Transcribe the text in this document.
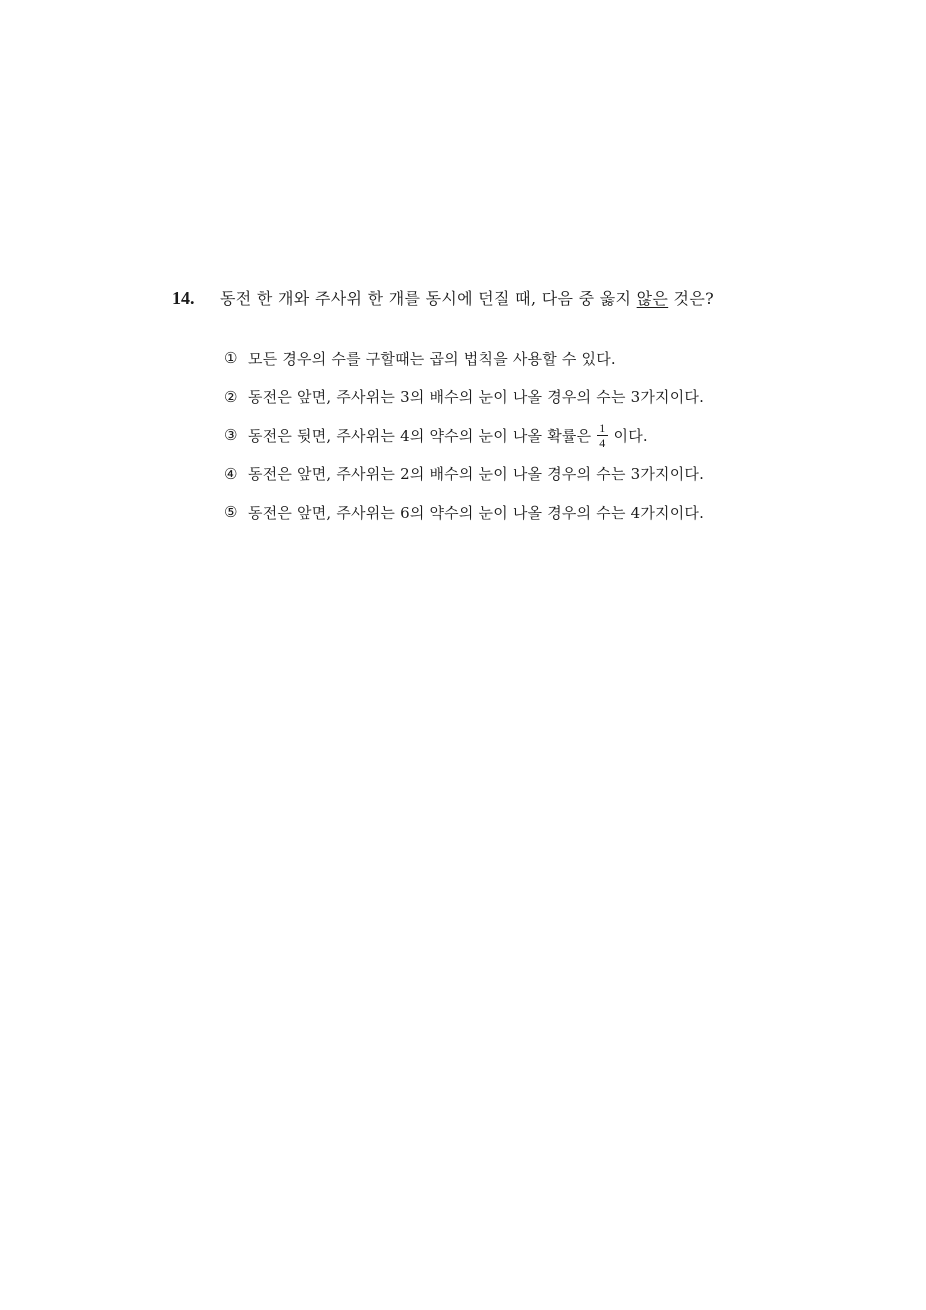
14.	동전 한 개와 주사위 한 개를 동시에 던질 때, 다음 중 옳지 않은 것은?
① 모든 경우의 수를 구할때는 곱의 법칙을 사용할 수 있다.
② 동전은 앞면, 주사위는 3의 배수의 눈이 나올 경우의 수는 3가지이다.
③ 동전은 뒷면, 주사위는 4의 약수의 눈이 나올 확률은 $\frac{1}{4}$ 이다.
④ 동전은 앞면, 주사위는 2의 배수의 눈이 나올 경우의 수는 3가지이다.
⑤ 동전은 앞면, 주사위는 6의 약수의 눈이 나올 경우의 수는 4가지이다.
